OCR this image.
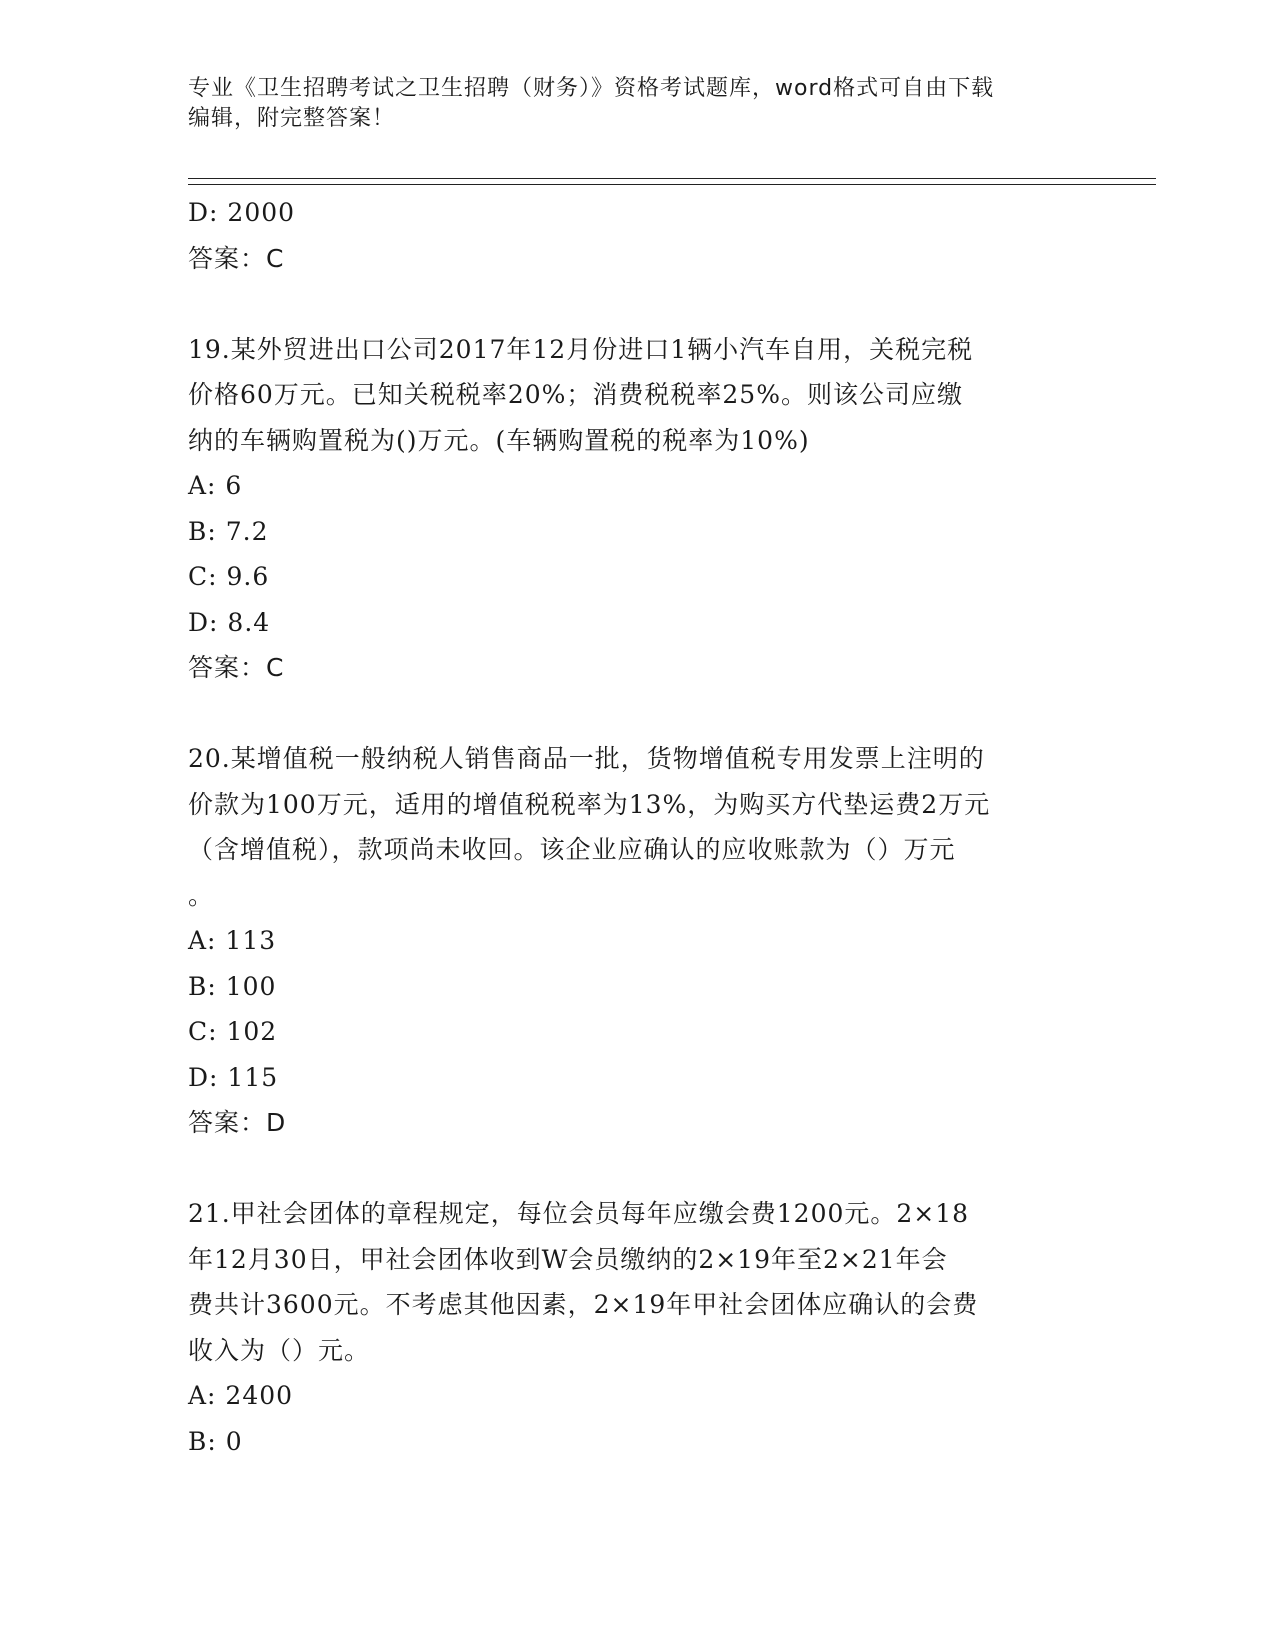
专业《卫生招聘考试之卫生招聘（财务）》资格考试题库，word格式可自由下载
编辑，附完整答案！
D: 2000
答案：C
19.某外贸进出口公司2017年12月份进口1辆小汽车自用，关税完税
价格60万元。已知关税税率20%；消费税税率25%。则该公司应缴
纳的车辆购置税为()万元。(车辆购置税的税率为10%)
A: 6
B: 7.2
C: 9.6
D: 8.4
答案：C
20.某增值税一般纳税人销售商品一批，货物增值税专用发票上注明的
价款为100万元，适用的增值税税率为13%，为购买方代垫运费2万元
（含增值税），款项尚未收回。该企业应确认的应收账款为（）万元
。
A: 113
B: 100
C: 102
D: 115
答案：D
21.甲社会团体的章程规定，每位会员每年应缴会费1200元。2×18
年12月30日，甲社会团体收到W会员缴纳的2×19年至2×21年会
费共计3600元。不考虑其他因素，2×19年甲社会团体应确认的会费
收入为（）元。
A: 2400
B: 0
